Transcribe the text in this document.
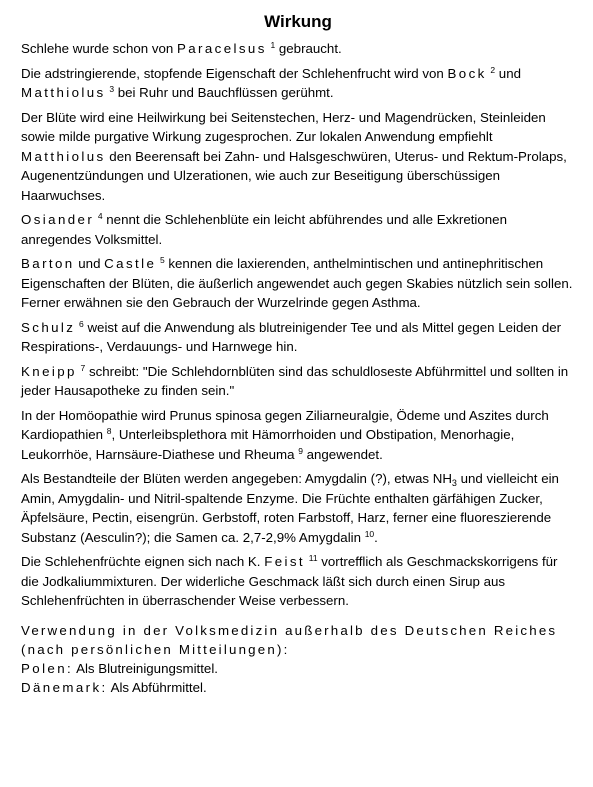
Wirkung

Schlehe wurde schon von Paracelsus $^1$ gebraucht.

Die adstringierende, stopfende Eigenschaft der Schlehenfrucht wird von Bock $^2$ und
Matthiolus $^3$ bei Ruhr und Bauchflüssen gerühmt.

Der Blüte wird eine Heilwirkung bei Seitenstechen, Herz- und Magendrücken, Steinleiden sowie milde purgative Wirkung zugesprochen. Zur lokalen Anwendung empfiehlt Matthiolus den Beerensaft bei Zahn- und Halsgeschwüren, Uterus- und Rektum-Prolaps, Augenentzündungen und Ulzerationen, wie auch zur Beseitigung überschüssigen Haarwuchses.

Osiander $^4$ nennt die Schlehenblüte ein leicht abführendes und alle Exkretionen anregendes Volksmittel.

Barton und Castle $^5$ kennen die laxierenden, anthelmintischen und antinephritischen Eigenschaften der Blüten, die äußerlich angewendet auch gegen Skabies nützlich sein sollen. Ferner erwähnen sie den Gebrauch der Wurzelrinde gegen Asthma.

Schulz $^6$ weist auf die Anwendung als blutreinigender Tee und als Mittel gegen Leiden der Respirations-, Verdauungs- und Harnwege hin.

Kneipp $^7$ schreibt: "Die Schlehdornblüten sind das schuldloseste Abführmittel und sollten in jeder Hausapotheke zu finden sein."

In der Homöopathie wird Prunus spinosa gegen Ziliarneuralgie, Ödeme und Aszites durch Kardiopathien $^8$, Unterleibsplethora mit Hämorrhoiden und Obstipation, Menorhagie, Leukorrhöe, Harnsäure-Diathese und Rheuma $^9$ angewendet.

Als Bestandteile der Blüten werden angegeben: Amygdalin (?), etwas $NH_3$ und vielleicht ein Amin, Amygdalin- und Nitril-spaltende Enzyme. Die Früchte enthalten gärfähigen Zucker, Äpfelsäure, Pectin, eisengrün. Gerbstoff, roten Farbstoff, Harz, ferner eine fluoreszierende Substanz (Aesculin?); die Samen ca. 2,7-2,9% Amygdalin $^{10}$.

Die Schlehenfrüchte eignen sich nach K. Feist $^{11}$ vortrefflich als Geschmackskorrigens für die Jodkaliummixturen. Der widerliche Geschmack läßt sich durch einen Sirup aus Schlehenfrüchten in überraschender Weise verbessern.

Verwendung in der Volksmedizin außerhalb des Deutschen Reiches (nach persönlichen Mitteilungen):

Polen: Als Blutreinigungsmittel.

Dänemark: Als Abführmittel.
